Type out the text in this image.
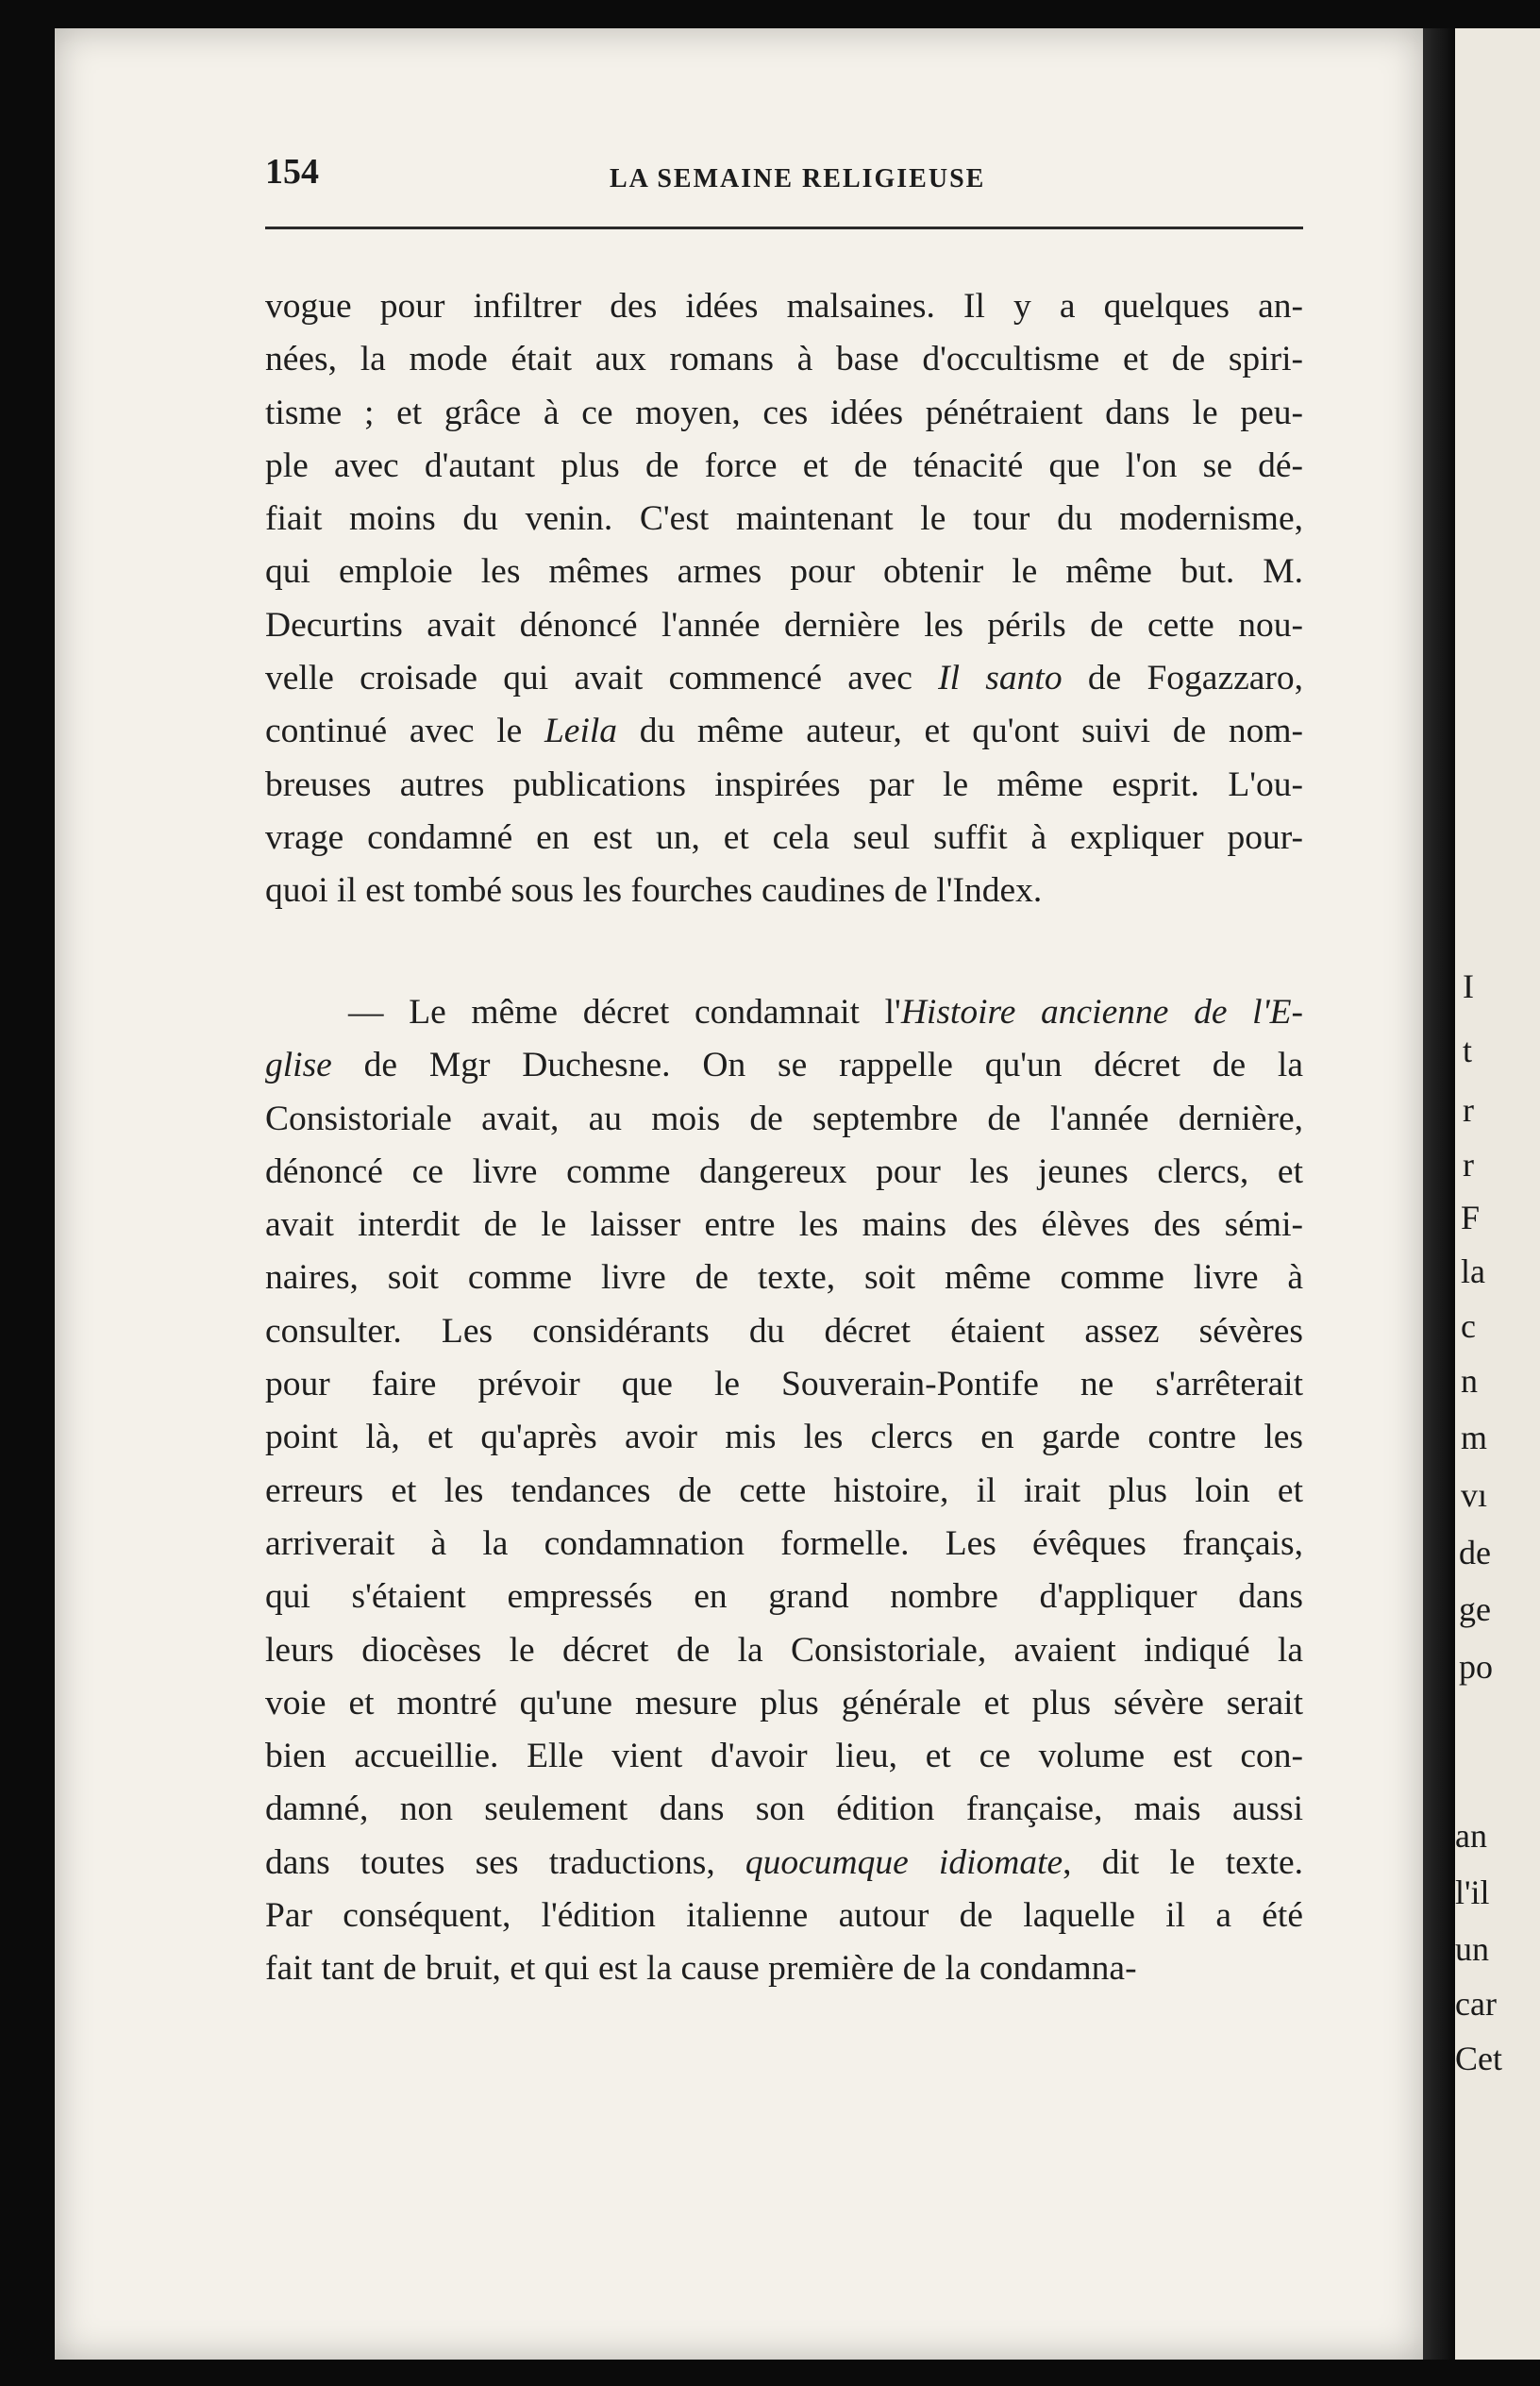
I
t
r
r
F
la
c
n
m
vı
de
ge
po
an
l'il
un
car
Cet
154	LA SEMAINE RELIGIEUSE
vogue pour infiltrer des idées malsaines. Il y a quelques an-
nées, la mode était aux romans à base d'occultisme et de spiri-
tisme ; et grâce à ce moyen, ces idées pénétraient dans le peu-
ple avec d'autant plus de force et de ténacité que l'on se dé-
fiait moins du venin. C'est maintenant le tour du modernisme,
qui emploie les mêmes armes pour obtenir le même but. M.
Decurtins avait dénoncé l'année dernière les périls de cette nou-
velle croisade qui avait commencé avec Il santo de Fogazzaro,
continué avec le Leila du même auteur, et qu'ont suivi de nom-
breuses autres publications inspirées par le même esprit. L'ou-
vrage condamné en est un, et cela seul suffit à expliquer pour-
quoi il est tombé sous les fourches caudines de l'Index.
— Le même décret condamnait l'Histoire ancienne de l'E-
glise de Mgr Duchesne. On se rappelle qu'un décret de la
Consistoriale avait, au mois de septembre de l'année dernière,
dénoncé ce livre comme dangereux pour les jeunes clercs, et
avait interdit de le laisser entre les mains des élèves des sémi-
naires, soit comme livre de texte, soit même comme livre à
consulter. Les considérants du décret étaient assez sévères
pour faire prévoir que le Souverain-Pontife ne s'arrêterait
point là, et qu'après avoir mis les clercs en garde contre les
erreurs et les tendances de cette histoire, il irait plus loin et
arriverait à la condamnation formelle. Les évêques français,
qui s'étaient empressés en grand nombre d'appliquer dans
leurs diocèses le décret de la Consistoriale, avaient indiqué la
voie et montré qu'une mesure plus générale et plus sévère serait
bien accueillie. Elle vient d'avoir lieu, et ce volume est con-
damné, non seulement dans son édition française, mais aussi
dans toutes ses traductions, quocumque idiomate, dit le texte.
Par conséquent, l'édition italienne autour de laquelle il a été
fait tant de bruit, et qui est la cause première de la condamna-
